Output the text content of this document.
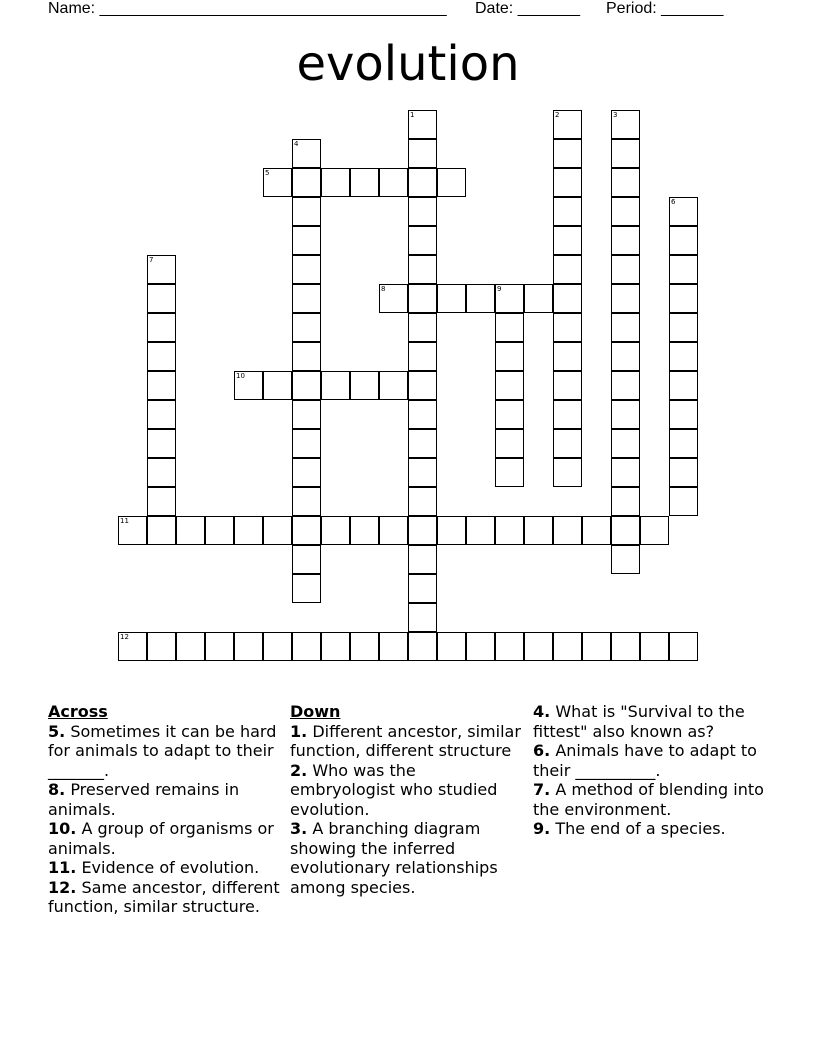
Name: _______________________________________ Date: _______ Period: _______
evolution
1	2	3
4
5
6
7
8	9
10
11
12
Across
5. Sometimes it can be hard for animals to adapt to their _______.
8. Preserved remains in animals.
10. A group of organisms or animals.
11. Evidence of evolution.
12. Same ancestor, different function, similar structure.
Down
1. Different ancestor, similar function, different structure
2. Who was the embryologist who studied evolution.
3. A branching diagram showing the inferred evolutionary relationships among species.
4. What is "Survival to the fittest" also known as?
6. Animals have to adapt to their __________.
7. A method of blending into the environment.
9. The end of a species.
